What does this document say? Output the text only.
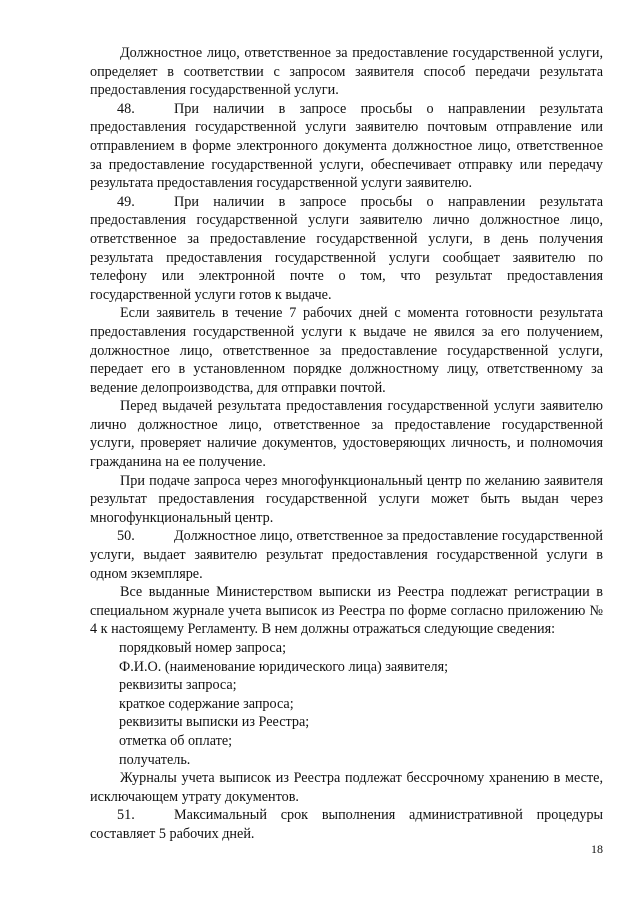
Должностное лицо, ответственное за предоставление государственной услуги, определяет в соответствии с запросом заявителя способ передачи результата предоставления государственной услуги.

48.	При наличии в запросе просьбы о направлении результата предоставления государственной услуги заявителю почтовым отправление или отправлением в форме электронного документа должностное лицо, ответственное за предоставление государственной услуги, обеспечивает отправку или передачу результата предоставления государственной услуги заявителю.

49.	При наличии в запросе просьбы о направлении результата предоставления государственной услуги заявителю лично должностное лицо, ответственное за предоставление государственной услуги, в день получения результата предоставления государственной услуги сообщает заявителю по телефону или электронной почте о том, что результат предоставления государственной услуги готов к выдаче.

Если заявитель в течение 7 рабочих дней с момента готовности результата предоставления государственной услуги к выдаче не явился за его получением, должностное лицо, ответственное за предоставление государственной услуги, передает его в установленном порядке должностному лицу, ответственному за ведение делопроизводства, для отправки почтой.

Перед выдачей результата предоставления государственной услуги заявителю лично должностное лицо, ответственное за предоставление государственной услуги, проверяет наличие документов, удостоверяющих личность, и полномочия гражданина на ее получение.

При подаче запроса через многофункциональный центр по желанию заявителя результат предоставления государственной услуги может быть выдан через многофункциональный центр.

50.	Должностное лицо, ответственное за предоставление государственной услуги, выдает заявителю результат предоставления государственной услуги в одном экземпляре.

Все выданные Министерством выписки из Реестра подлежат регистрации в специальном журнале учета выписок из Реестра по форме согласно приложению № 4 к настоящему Регламенту. В нем должны отражаться следующие сведения:

порядковый номер запроса;

Ф.И.О. (наименование юридического лица) заявителя;

реквизиты запроса;

краткое содержание запроса;

реквизиты выписки из Реестра;

отметка об оплате;

получатель.

Журналы учета выписок из Реестра подлежат бессрочному хранению в месте, исключающем утрату документов.

51.	Максимальный срок выполнения административной процедуры составляет 5 рабочих дней.

18
